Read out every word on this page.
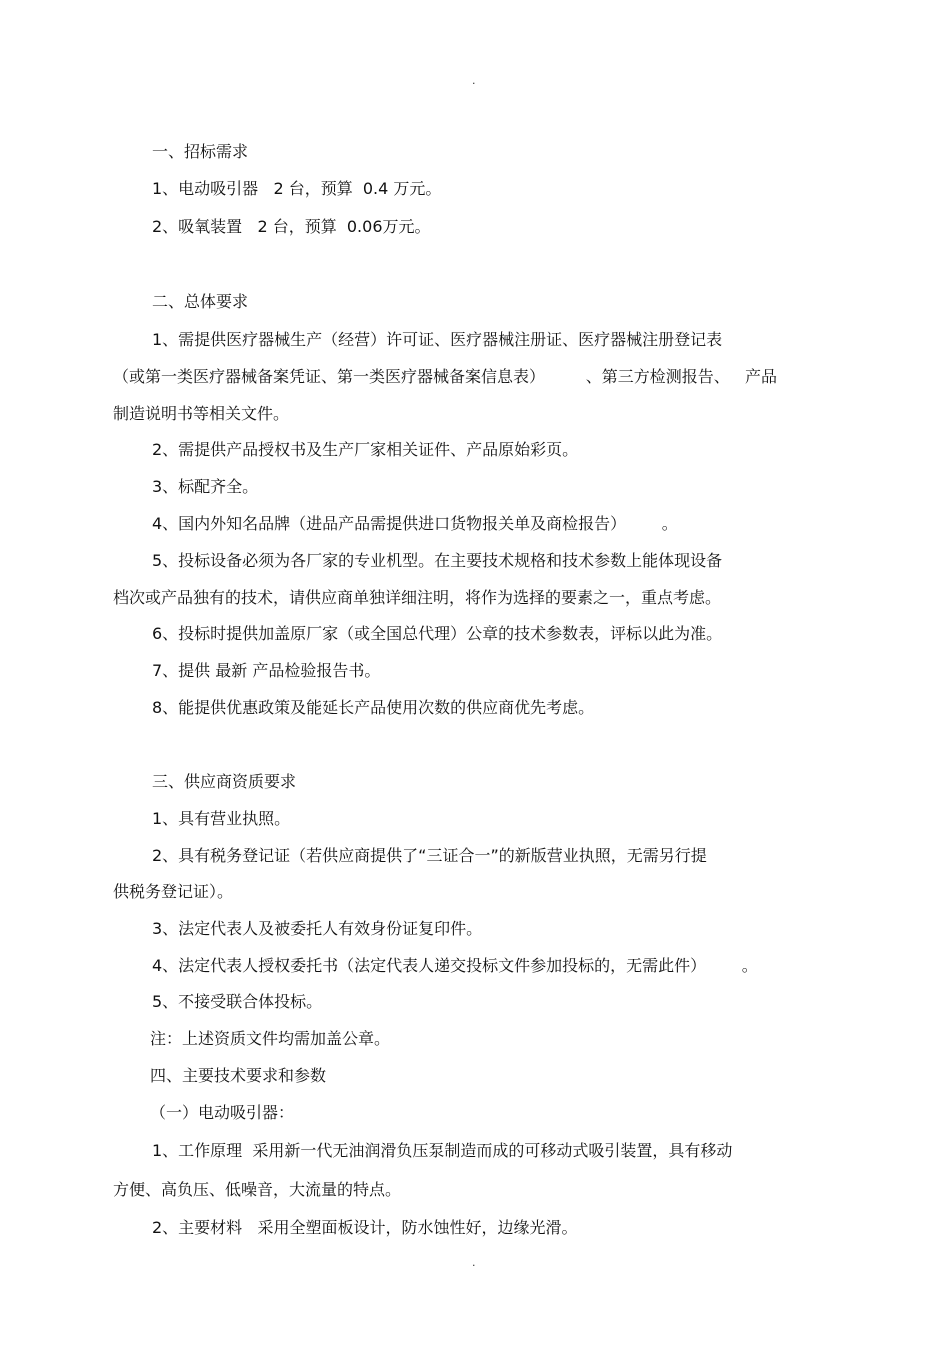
.
一、招标需求
1、电动吸引器   2 台，预算  0.4 万元。
2、吸氧装置   2 台，预算  0.06万元。
二、总体要求
1、需提供医疗器械生产（经营）许可证、医疗器械注册证、医疗器械注册登记表
（或第一类医疗器械备案凭证、第一类医疗器械备案信息表）        、第三方检测报告、   产品
制造说明书等相关文件。
2、需提供产品授权书及生产厂家相关证件、产品原始彩页。
3、标配齐全。
4、国内外知名品牌（进品产品需提供进口货物报关单及商检报告）       。
5、投标设备必须为各厂家的专业机型。在主要技术规格和技术参数上能体现设备
档次或产品独有的技术，请供应商单独详细注明，将作为选择的要素之一，重点考虑。
6、投标时提供加盖原厂家（或全国总代理）公章的技术参数表，评标以此为准。
7、提供 最新 产品检验报告书。
8、能提供优惠政策及能延长产品使用次数的供应商优先考虑。
三、供应商资质要求
1、具有营业执照。
2、具有税务登记证（若供应商提供了“三证合一”的新版营业执照，无需另行提
供税务登记证）。
3、法定代表人及被委托人有效身份证复印件。
4、法定代表人授权委托书（法定代表人递交投标文件参加投标的，无需此件）       。
5、不接受联合体投标。
注：上述资质文件均需加盖公章。
四、主要技术要求和参数
（一）电动吸引器：
1、工作原理  采用新一代无油润滑负压泵制造而成的可移动式吸引装置，具有移动
方便、高负压、低噪音，大流量的特点。
2、主要材料   采用全塑面板设计，防水蚀性好，边缘光滑。
.
